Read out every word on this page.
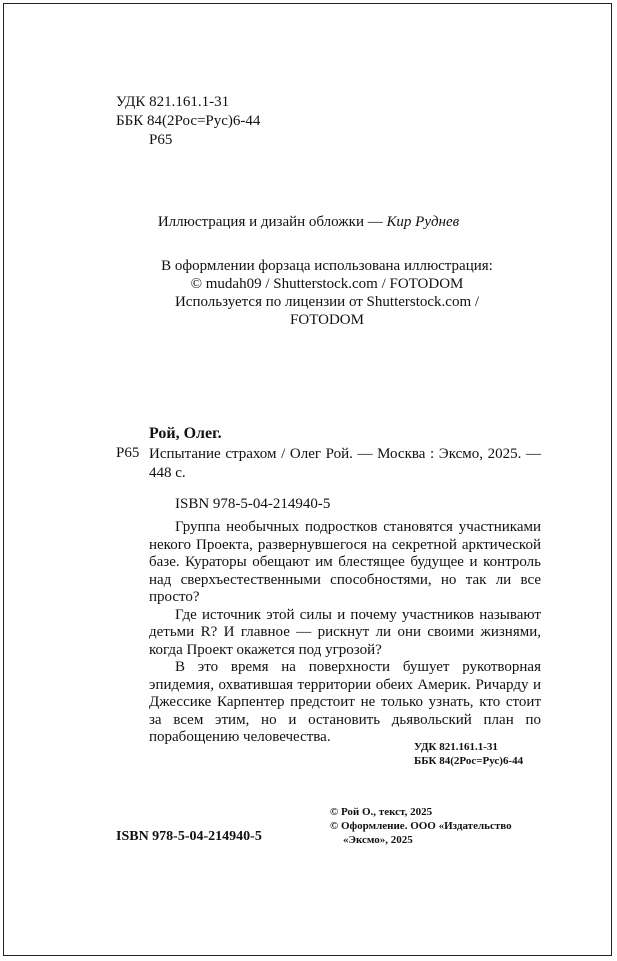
УДК 821.161.1-31
ББК 84(2Рос=Рус)6-44
Р65
Иллюстрация и дизайн обложки — Кир Руднев
В оформлении форзаца использована иллюстрация:
© mudah09 / Shutterstock.com / FOTODOM
Используется по лицензии от Shutterstock.com /
FOTODOM
Рой, Олег.
Р65 Испытание страхом / Олег Рой. — Москва : Эксмо, 2025. — 448 с.
ISBN 978-5-04-214940-5

Группа необычных подростков становятся участниками некого Проекта, развернувшегося на секретной арктической базе. Кураторы обещают им блестящее будущее и контроль над сверхъестественными способностями, но так ли все просто?

Где источник этой силы и почему участников называют детьми R? И главное — рискнут ли они своими жизнями, когда Проект окажется под угрозой?

В это время на поверхности бушует рукотворная эпидемия, охватившая территории обеих Америк. Ричарду и Джессике Карпентер предстоит не только узнать, кто стоит за всем этим, но и остановить дьявольский план по порабощению человечества.

УДК 821.161.1-31
ББК 84(2Рос=Рус)6-44
© Рой О., текст, 2025
© Оформление. ООО «Издательство
«Эксмо», 2025
ISBN 978-5-04-214940-5
